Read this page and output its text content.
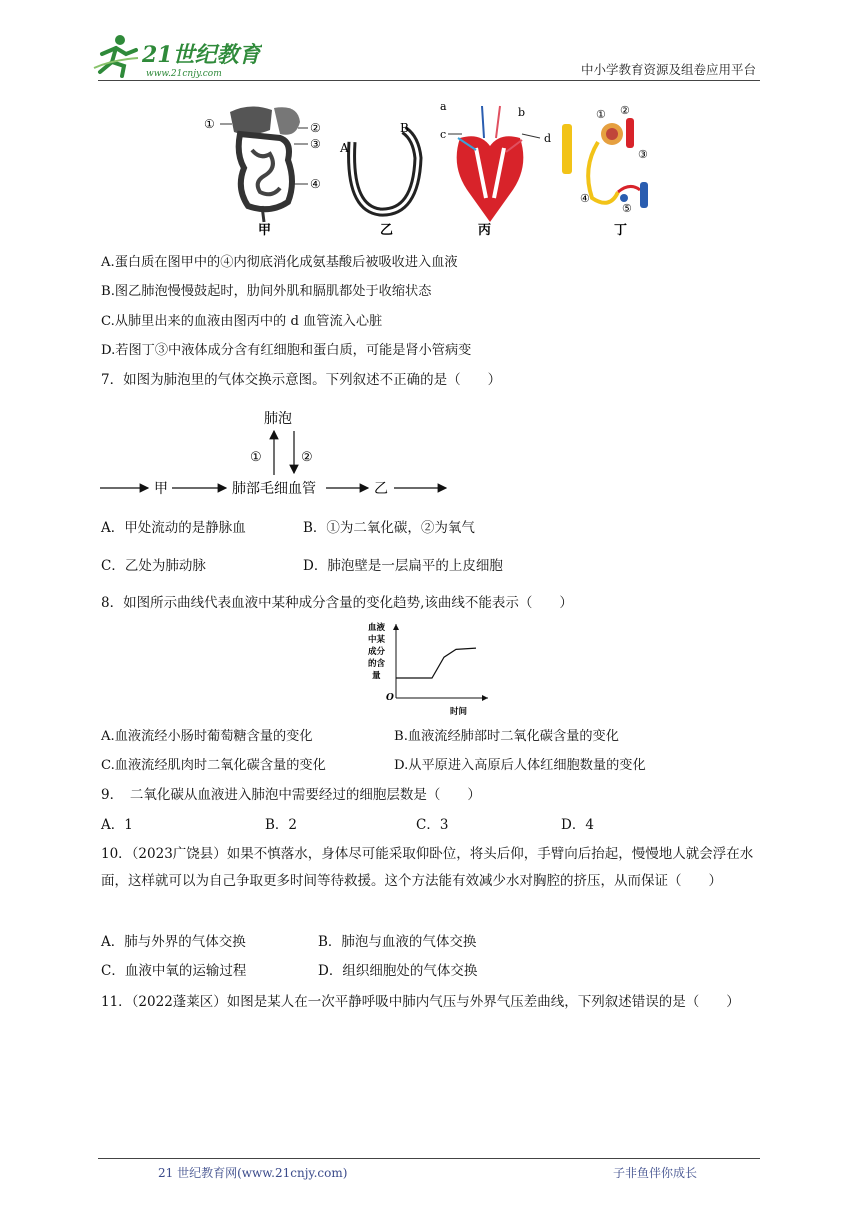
21世纪教育
www.21cnjy.com	中小学教育资源及组卷应用平台
①	②
③
④
甲
A
B
乙
a	b
c	d
丙
① ②
③
④
⑤
丁
A.蛋白质在图甲中的④内彻底消化成氨基酸后被吸收进入血液
B.图乙肺泡慢慢鼓起时，肋间外肌和膈肌都处于收缩状态
C.从肺里出来的血液由图丙中的 d 血管流入心脏
D.若图丁③中液体成分含有红细胞和蛋白质，可能是肾小管病变
7．如图为肺泡里的气体交换示意图。下列叙述不正确的是（　　）
肺泡
①	②
甲	肺部毛细血管	乙
A．甲处流动的是静脉血	B．①为二氧化碳，②为氧气
C．乙处为肺动脉	D．肺泡壁是一层扁平的上皮细胞
8．如图所示曲线代表血液中某种成分含量的变化趋势,该曲线不能表示（　　）
血液
中某
成分
的含
量
时间
O
A.血液流经小肠时葡萄糖含量的变化	B.血液流经肺部时二氧化碳含量的变化
C.血液流经肌肉时二氧化碳含量的变化	D.从平原进入高原后人体红细胞数量的变化
9．　二氧化碳从血液进入肺泡中需要经过的细胞层数是（　　）
A．1	B．2	C．3	D．4
10．（2023广饶县）如果不慎落水，身体尽可能采取仰卧位，将头后仰，手臂向后抬起，慢慢地人就会浮在水面，这样就可以为自己争取更多时间等待救援。这个方法能有效减少水对胸腔的挤压，从而保证（　　）
A．肺与外界的气体交换	B．肺泡与血液的气体交换
C．血液中氧的运输过程	D．组织细胞处的气体交换
11．（2022蓬莱区）如图是某人在一次平静呼吸中肺内气压与外界气压差曲线，下列叙述错误的是（　　）
21 世纪教育网(www.21cnjy.com)	子非鱼伴你成长
